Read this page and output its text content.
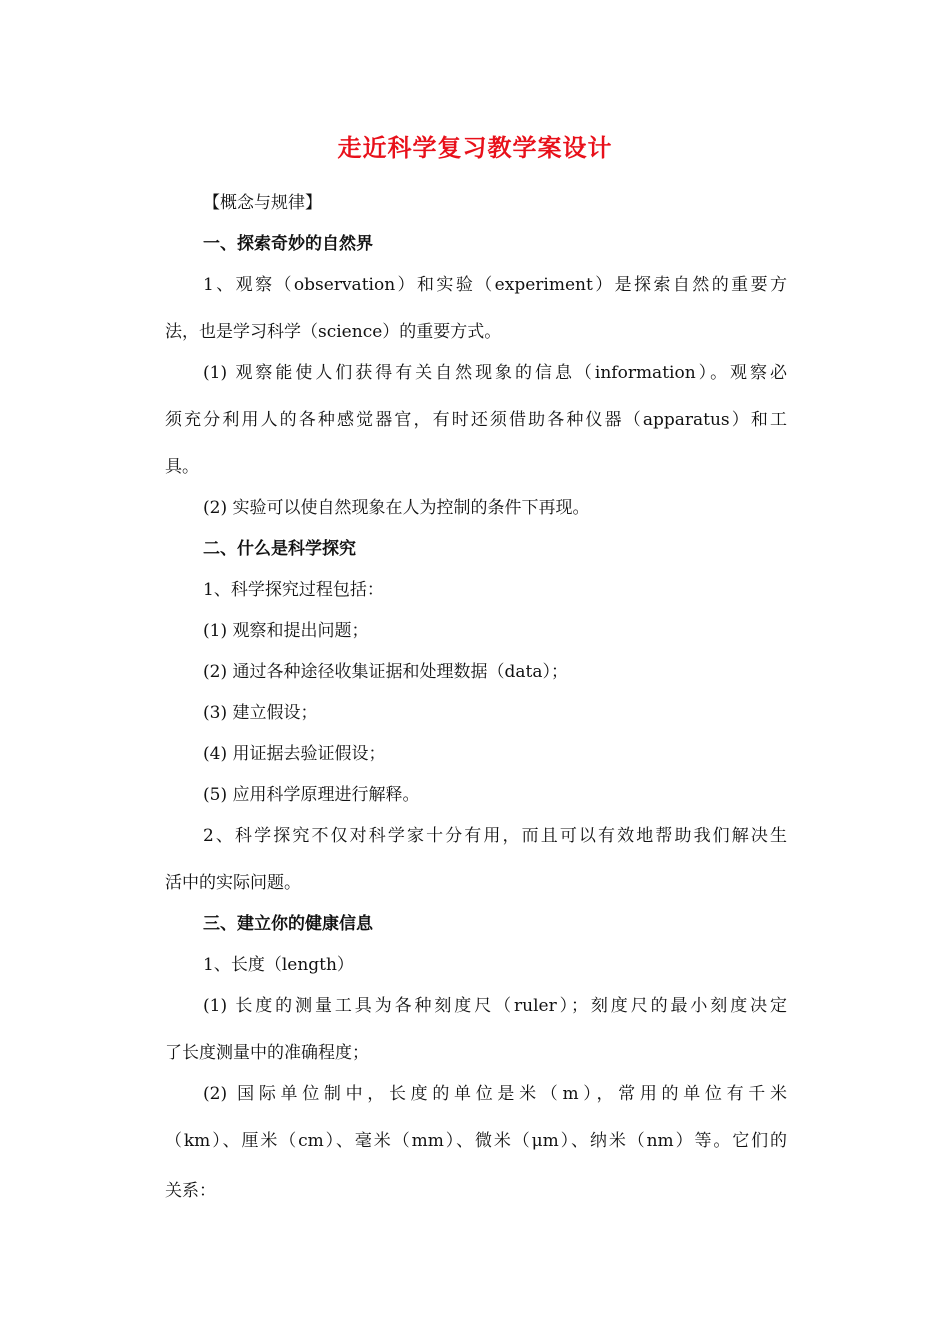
走近科学复习教学案设计
【概念与规律】
一、探索奇妙的自然界
1、观察（observation）和实验（experiment）是探索自然的重要方
法，也是学习科学（science）的重要方式。
(1) 观察能使人们获得有关自然现象的信息（information）。观察必
须充分利用人的各种感觉器官，有时还须借助各种仪器（apparatus）和工
具。
(2) 实验可以使自然现象在人为控制的条件下再现。
二、什么是科学探究
1、科学探究过程包括：
(1) 观察和提出问题；
(2) 通过各种途径收集证据和处理数据（data）；
(3) 建立假设；
(4) 用证据去验证假设；
(5) 应用科学原理进行解释。
2、科学探究不仅对科学家十分有用，而且可以有效地帮助我们解决生
活中的实际问题。
三、建立你的健康信息
1、长度（length）
(1) 长度的测量工具为各种刻度尺（ruler）；刻度尺的最小刻度决定
了长度测量中的准确程度；
(2) 国际单位制中，长度的单位是米（m），常用的单位有千米
（km）、厘米（cm）、毫米（mm）、微米（μm）、纳米（nm）等。它们的
关系：
